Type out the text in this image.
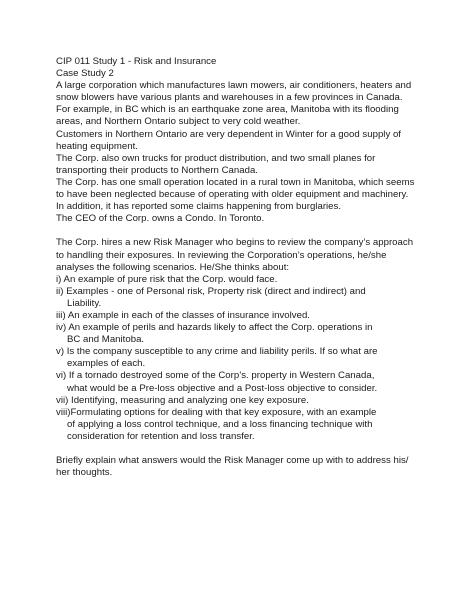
CIP 011 Study 1 - Risk and Insurance

Case Study 2

A large corporation which manufactures lawn mowers, air conditioners, heaters and snow blowers have various plants and warehouses in a few provinces in Canada. For example, in BC which is an earthquake zone area, Manitoba with its flooding areas, and Northern Ontario subject to very cold weather.

Customers in Northern Ontario are very dependent in Winter for a good supply of heating equipment.

The Corp. also own trucks for product distribution, and two small planes for transporting their products to Northern Canada.

The Corp. has one small operation located in a rural town in Manitoba, which seems to have been neglected because of operating with older equipment and machinery. In addition, it has reported some claims happening from burglaries.

The CEO of the Corp. owns a Condo. In Toronto.

The Corp. hires a new Risk Manager who begins to review the company’s approach to handling their exposures. In reviewing the Corporation’s operations, he/she analyses the following scenarios. He/She thinks about:

i) An example of pure risk that the Corp. would face.

ii) Examples - one of Personal risk, Property risk (direct and indirect) and
Liability.

iii) An example in each of the classes of insurance involved.

iv) An example of perils and hazards likely to affect the Corp. operations in
BC and Manitoba.

v) Is the company susceptible to any crime and liability perils. If so what are
examples of each.

vi) If a tornado destroyed some of the Corp’s. property in Western Canada,
what would be a Pre-loss objective and a Post-loss objective to consider.

vii) Identifying, measuring and analyzing one key exposure.

viii)Formulating options for dealing with that key exposure, with an example
of applying a loss control technique, and a loss financing technique with consideration for retention and loss transfer.

Briefly explain what answers would the Risk Manager come up with to address his/ her thoughts.
